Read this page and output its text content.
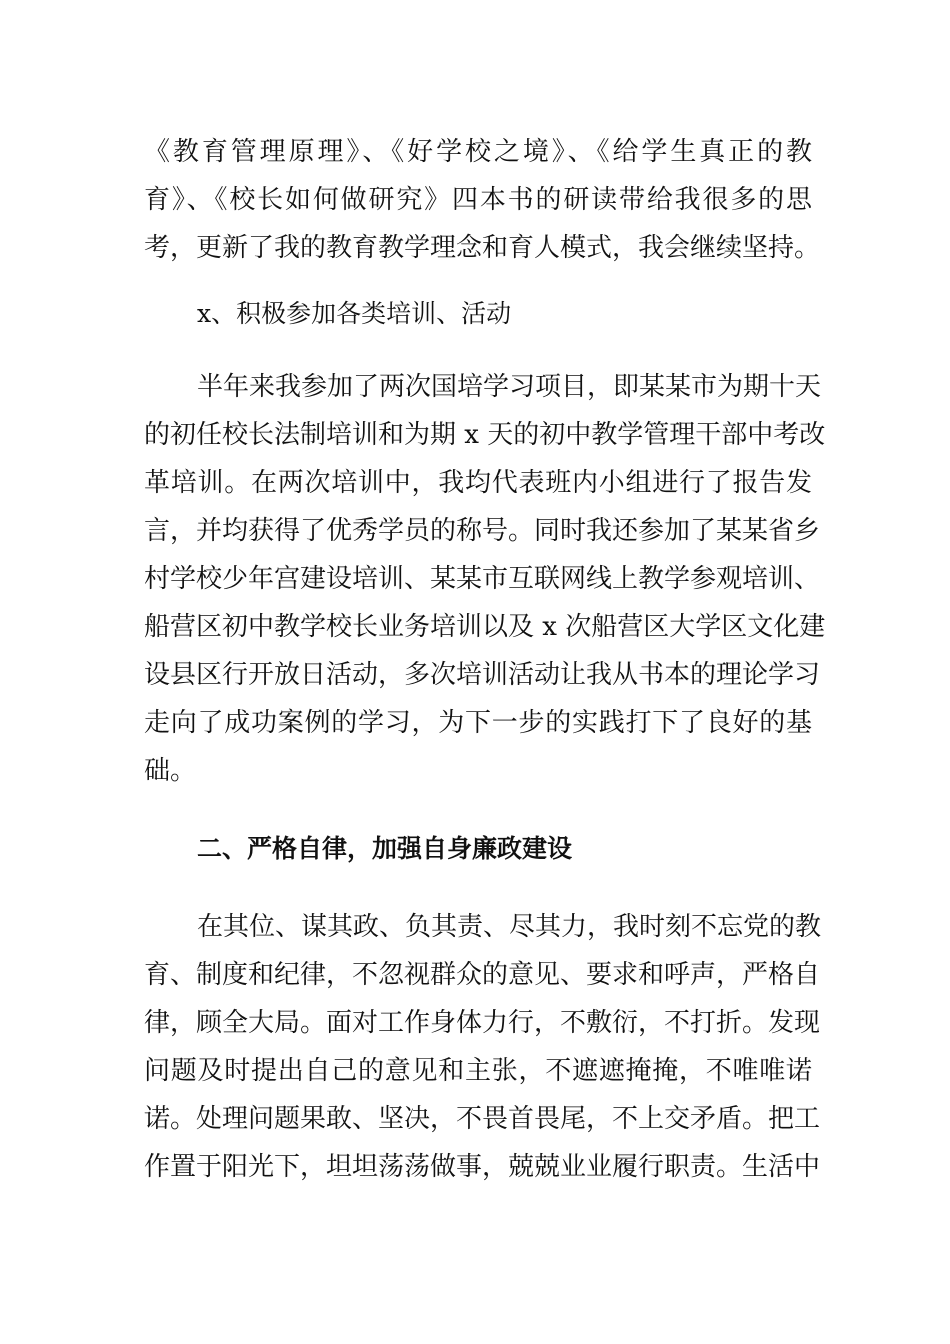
《教育管理原理》、《好学校之境》、《给学生真正的教
育》、《校长如何做研究》四本书的研读带给我很多的思
考，更新了我的教育教学理念和育人模式，我会继续坚持。
x、积极参加各类培训、活动
半年来我参加了两次国培学习项目，即某某市为期十天
的初任校长法制培训和为期 x 天的初中教学管理干部中考改
革培训。在两次培训中，我均代表班内小组进行了报告发
言，并均获得了优秀学员的称号。同时我还参加了某某省乡
村学校少年宫建设培训、某某市互联网线上教学参观培训、
船营区初中教学校长业务培训以及 x 次船营区大学区文化建
设县区行开放日活动，多次培训活动让我从书本的理论学习
走向了成功案例的学习，为下一步的实践打下了良好的基
础。
二、严格自律，加强自身廉政建设
在其位、谋其政、负其责、尽其力，我时刻不忘党的教
育、制度和纪律，不忽视群众的意见、要求和呼声，严格自
律，顾全大局。面对工作身体力行，不敷衍，不打折。发现
问题及时提出自己的意见和主张，不遮遮掩掩，不唯唯诺
诺。处理问题果敢、坚决，不畏首畏尾，不上交矛盾。把工
作置于阳光下，坦坦荡荡做事，兢兢业业履行职责。生活中
